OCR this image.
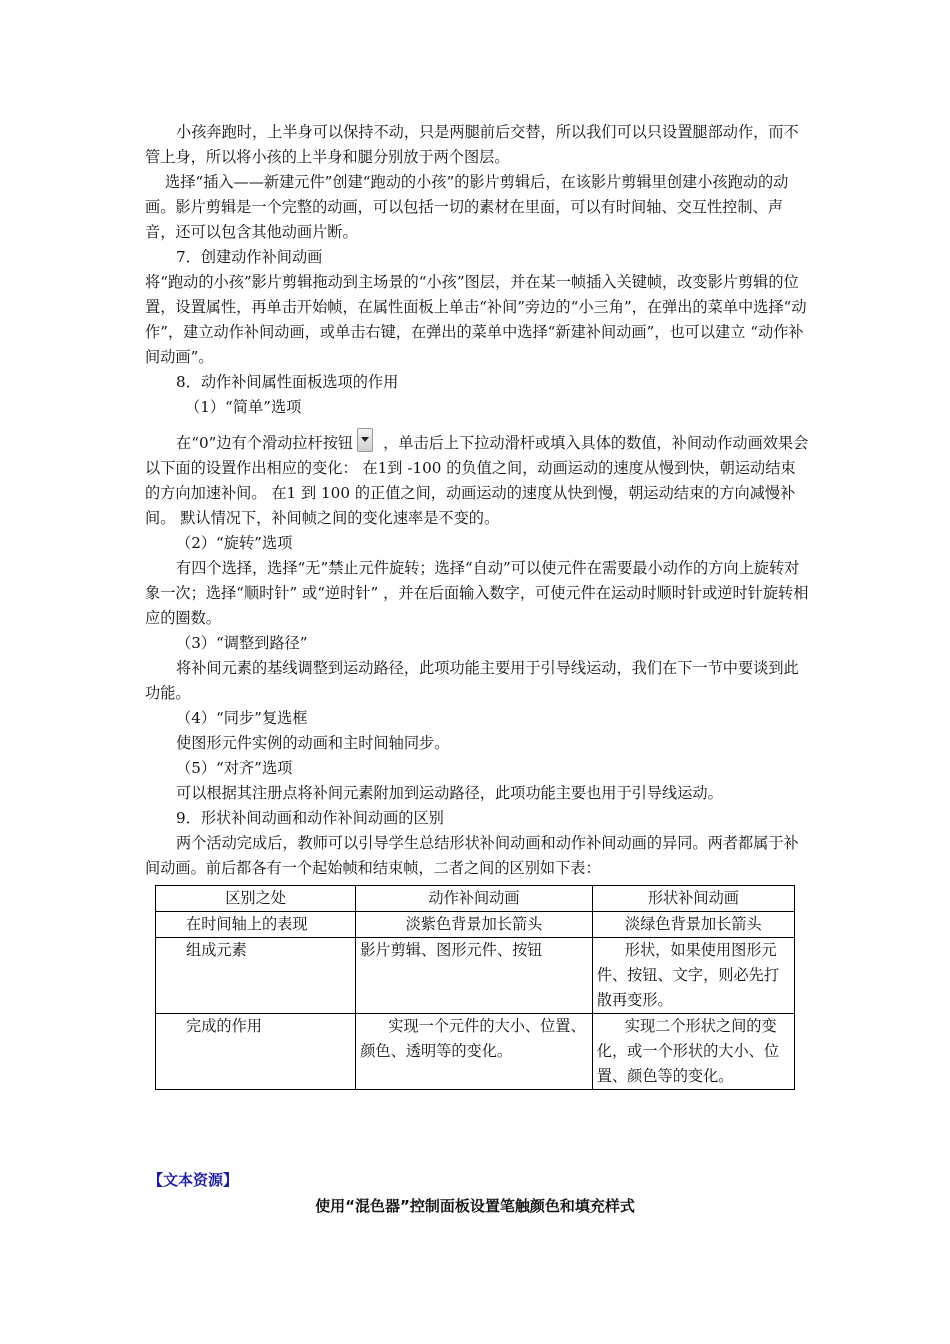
小孩奔跑时，上半身可以保持不动，只是两腿前后交替，所以我们可以只设置腿部动作，而不管上身，所以将小孩的上半身和腿分别放于两个图层。

选择“插入——新建元件”创建“跑动的小孩”的影片剪辑后，在该影片剪辑里创建小孩跑动的动画。影片剪辑是一个完整的动画，可以包括一切的素材在里面，可以有时间轴、交互性控制、声音，还可以包含其他动画片断。

7．创建动作补间动画

将“跑动的小孩”影片剪辑拖动到主场景的“小孩”图层，并在某一帧插入关键帧，改变影片剪辑的位置，设置属性，再单击开始帧，在属性面板上单击“补间”旁边的“小三角”，在弹出的菜单中选择“动作”，建立动作补间动画，或单击右键，在弹出的菜单中选择“新建补间动画”，也可以建立 “动作补间动画”。

8．动作补间属性面板选项的作用

（1）“简单”选项

在“0”边有个滑动拉杆按钮 ，单击后上下拉动滑杆或填入具体的数值，补间动作动画效果会以下面的设置作出相应的变化： 在1到 -100 的负值之间，动画运动的速度从慢到快，朝运动结束的方向加速补间。 在1 到 100 的正值之间，动画运动的速度从快到慢，朝运动结束的方向减慢补间。 默认情况下，补间帧之间的变化速率是不变的。

（2）“旋转”选项

有四个选择，选择“无”禁止元件旋转；选择“自动”可以使元件在需要最小动作的方向上旋转对象一次；选择“顺时针” 或“逆时针” ，并在后面输入数字，可使元件在运动时顺时针或逆时针旋转相应的圈数。

（3）“调整到路径”

将补间元素的基线调整到运动路径，此项功能主要用于引导线运动，我们在下一节中要谈到此功能。

（4）“同步”复选框

使图形元件实例的动画和主时间轴同步。

（5）“对齐”选项

可以根据其注册点将补间元素附加到运动路径，此项功能主要也用于引导线运动。

9．形状补间动画和动作补间动画的区别

两个活动完成后，教师可以引导学生总结形状补间动画和动作补间动画的异同。两者都属于补间动画。前后都各有一个起始帧和结束帧，二者之间的区别如下表：

区别之处	动作补间动画	形状补间动画
在时间轴上的表现	淡紫色背景加长箭头	淡绿色背景加长箭头
组成元素	影片剪辑、图形元件、按钮	形状，如果使用图形元件、按钮、文字，则必先打散再变形。
完成的作用	实现一个元件的大小、位置、颜色、透明等的变化。	实现二个形状之间的变化，或一个形状的大小、位置、颜色等的变化。
【文本资源】
使用“混色器”控制面板设置笔触颜色和填充样式
